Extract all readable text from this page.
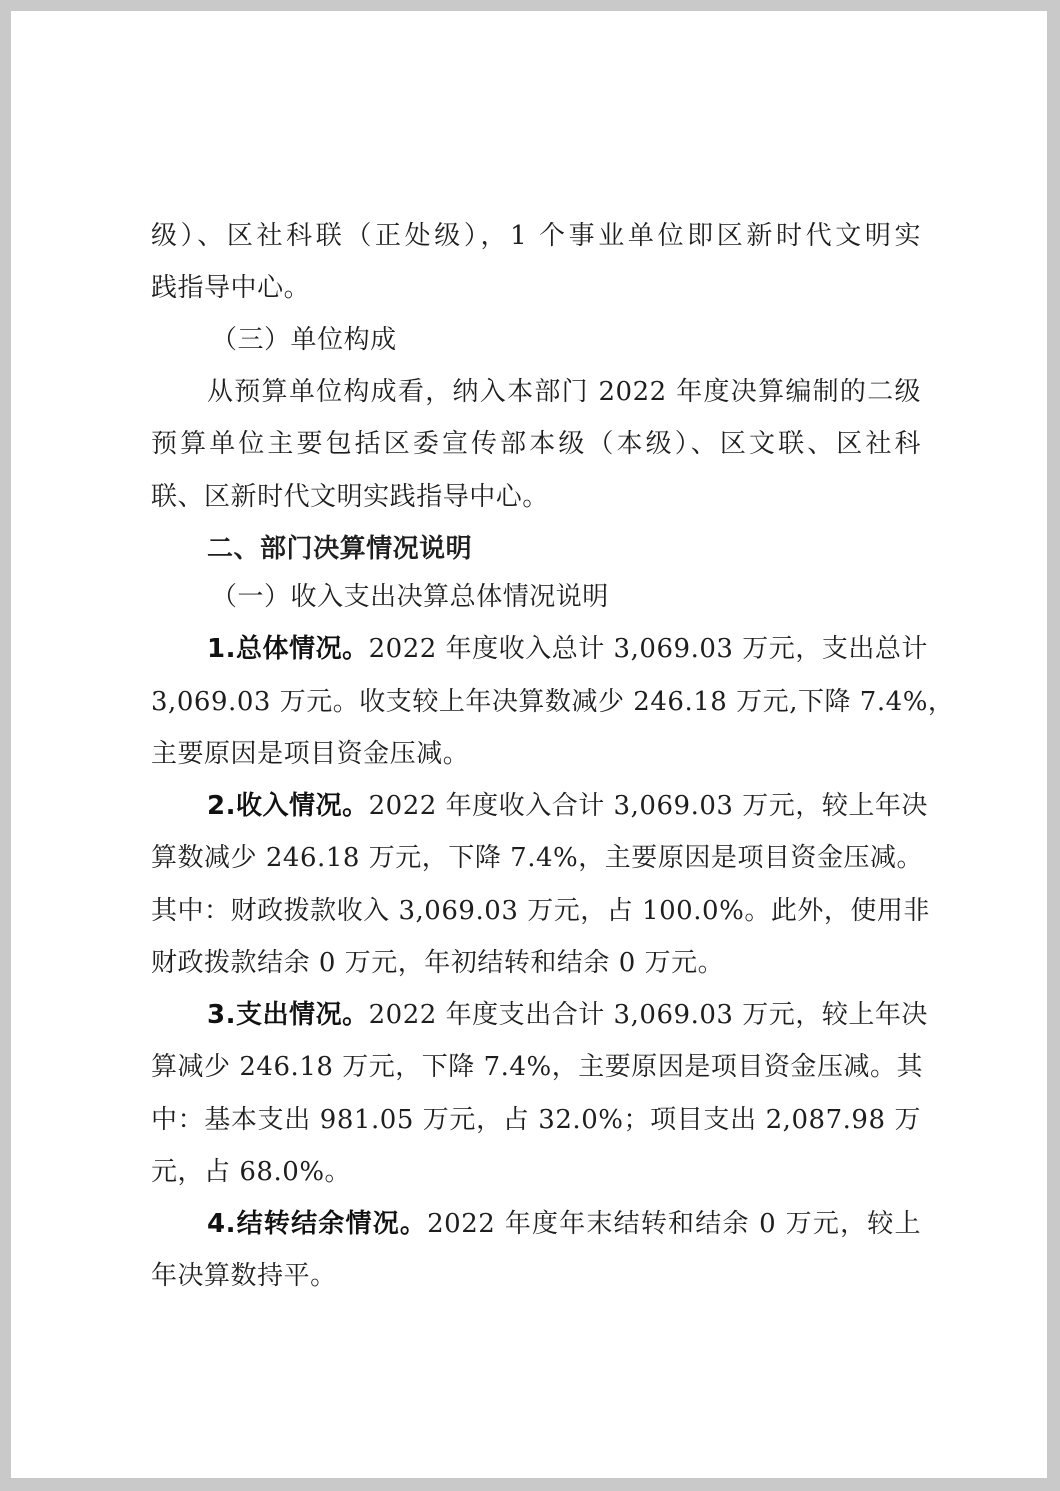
级）、区社科联（正处级），1 个事业单位即区新时代文明实
践指导中心。
（三）单位构成
从预算单位构成看，纳入本部门 2022 年度决算编制的二级
预算单位主要包括区委宣传部本级（本级）、区文联、区社科
联、区新时代文明实践指导中心。
二、部门决算情况说明
（一）收入支出决算总体情况说明
1.总体情况。2022 年度收入总计 3,069.03 万元，支出总计
3,069.03 万元。收支较上年决算数减少 246.18 万元,下降 7.4%，
主要原因是项目资金压减。
2.收入情况。2022 年度收入合计 3,069.03 万元，较上年决
算数减少 246.18 万元，下降 7.4%，主要原因是项目资金压减。
其中：财政拨款收入 3,069.03 万元，占 100.0%。此外，使用非
财政拨款结余 0 万元，年初结转和结余 0 万元。
3.支出情况。2022 年度支出合计 3,069.03 万元，较上年决
算减少 246.18 万元，下降 7.4%，主要原因是项目资金压减。其
中：基本支出 981.05 万元，占 32.0%；项目支出 2,087.98 万
元，占 68.0%。
4.结转结余情况。2022 年度年末结转和结余 0 万元，较上
年决算数持平。
